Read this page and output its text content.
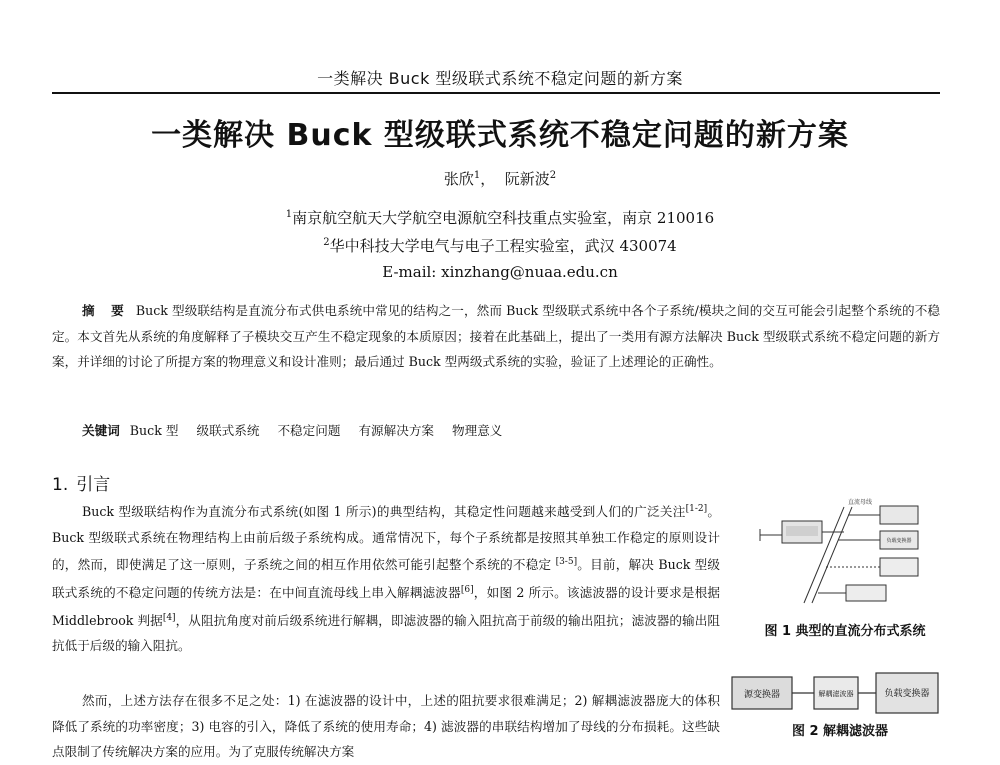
一类解决 Buck 型级联式系统不稳定问题的新方案
一类解决 Buck 型级联式系统不稳定问题的新方案
张欣$^1$， 阮新波$^2$
$^1$南京航空航天大学航空电源航空科技重点实验室，南京 210016
$^2$华中科技大学电气与电子工程实验室，武汉 430074
E-mail: xinzhang@nuaa.edu.cn
摘 要 Buck 型级联结构是直流分布式供电系统中常见的结构之一，然而 Buck 型级联式系统中各个子系统/模块之间的交互可能会引起整个系统的不稳定。本文首先从系统的角度解释了子模块交互产生不稳定现象的本质原因；接着在此基础上，提出了一类用有源方法解决 Buck 型级联式系统不稳定问题的新方案，并详细的讨论了所提方案的物理意义和设计准则；最后通过 Buck 型两级式系统的实验，验证了上述理论的正确性。
关键词 Buck 型 级联式系统 不稳定问题 有源解决方案 物理意义
1. 引言
Buck 型级联结构作为直流分布式系统(如图 1 所示)的典型结构，其稳定性问题越来越受到人们的广泛关注[1-2]。Buck 型级联式系统在物理结构上由前后级子系统构成。通常情况下，每个子系统都是按照其单独工作稳定的原则设计的，然而，即使满足了这一原则，子系统之间的相互作用依然可能引起整个系统的不稳定 [3-5]。目前，解决 Buck 型级联式系统的不稳定问题的传统方法是：在中间直流母线上串入解耦滤波器[6]，如图 2 所示。该滤波器的设计要求是根据 Middlebrook 判据[4]，从阻抗角度对前后级系统进行解耦，即滤波器的输入阻抗高于前级的输出阻抗；滤波器的输出阻抗低于后级的输入阻抗。
然而，上述方法存在很多不足之处：1) 在滤波器的设计中，上述的阻抗要求很难满足；2) 解耦滤波器庞大的体积降低了系统的功率密度；3) 电容的引入，降低了系统的使用寿命；4) 滤波器的串联结构增加了母线的分布损耗。这些缺点限制了传统解决方案的应用。为了克服传统解决方案
直流母线
负载变换器
图 1 典型的直流分布式系统
源变换器	解耦滤波器	负载变换器
图 2 解耦滤波器
